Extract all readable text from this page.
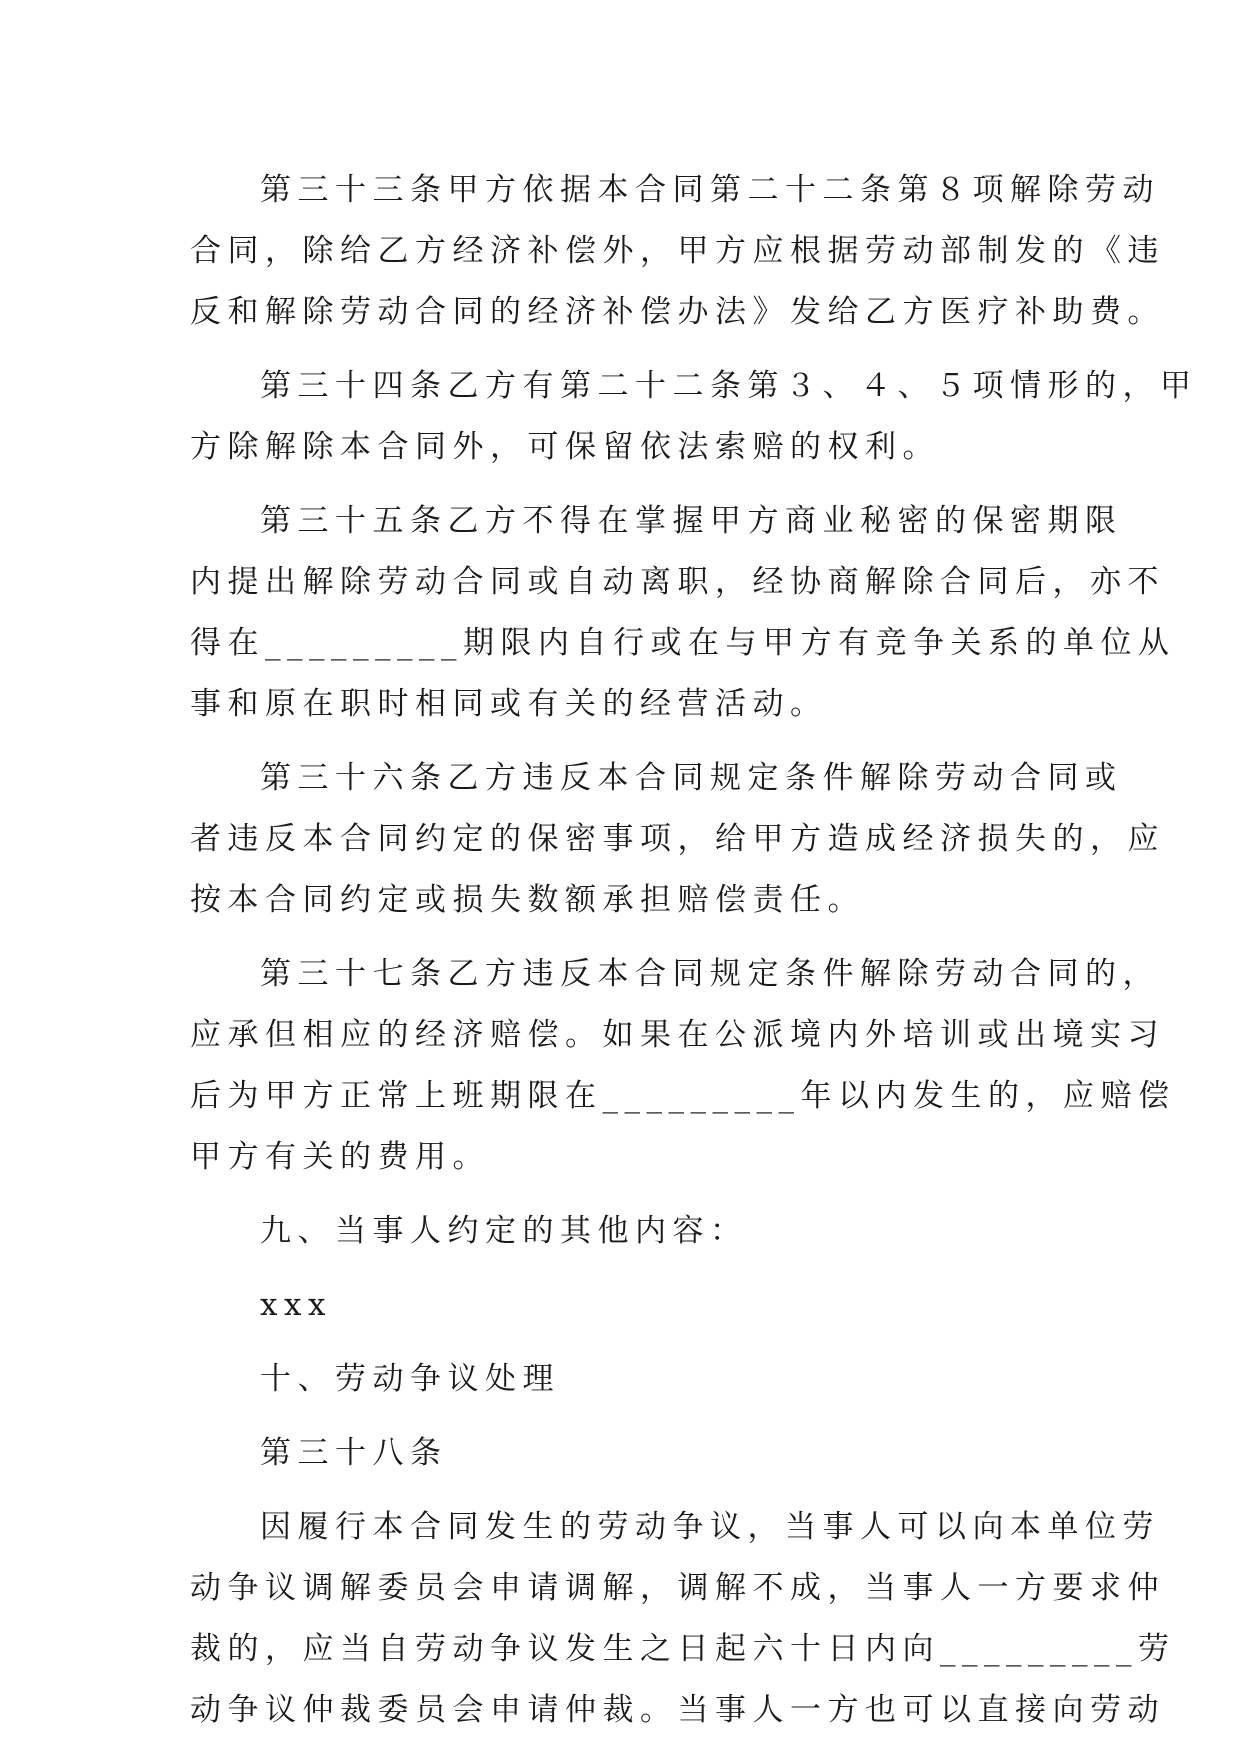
第三十三条甲方依据本合同第二十二条第８项解除劳动
合同，除给乙方经济补偿外，甲方应根据劳动部制发的《违
反和解除劳动合同的经济补偿办法》发给乙方医疗补助费。

第三十四条乙方有第二十二条第３、４、５项情形的，甲
方除解除本合同外，可保留依法索赔的权利。

第三十五条乙方不得在掌握甲方商业秘密的保密期限
内提出解除劳动合同或自动离职，经协商解除合同后，亦不
得在_________期限内自行或在与甲方有竞争关系的单位从
事和原在职时相同或有关的经营活动。

第三十六条乙方违反本合同规定条件解除劳动合同或
者违反本合同约定的保密事项，给甲方造成经济损失的，应
按本合同约定或损失数额承担赔偿责任。

第三十七条乙方违反本合同规定条件解除劳动合同的，
应承但相应的经济赔偿。如果在公派境内外培训或出境实习
后为甲方正常上班期限在_________年以内发生的，应赔偿
甲方有关的费用。

九、当事人约定的其他内容：

xxx

十、劳动争议处理

第三十八条

因履行本合同发生的劳动争议，当事人可以向本单位劳
动争议调解委员会申请调解，调解不成，当事人一方要求仲
裁的，应当自劳动争议发生之日起六十日内向_________劳
动争议仲裁委员会申请仲裁。当事人一方也可以直接向劳动
